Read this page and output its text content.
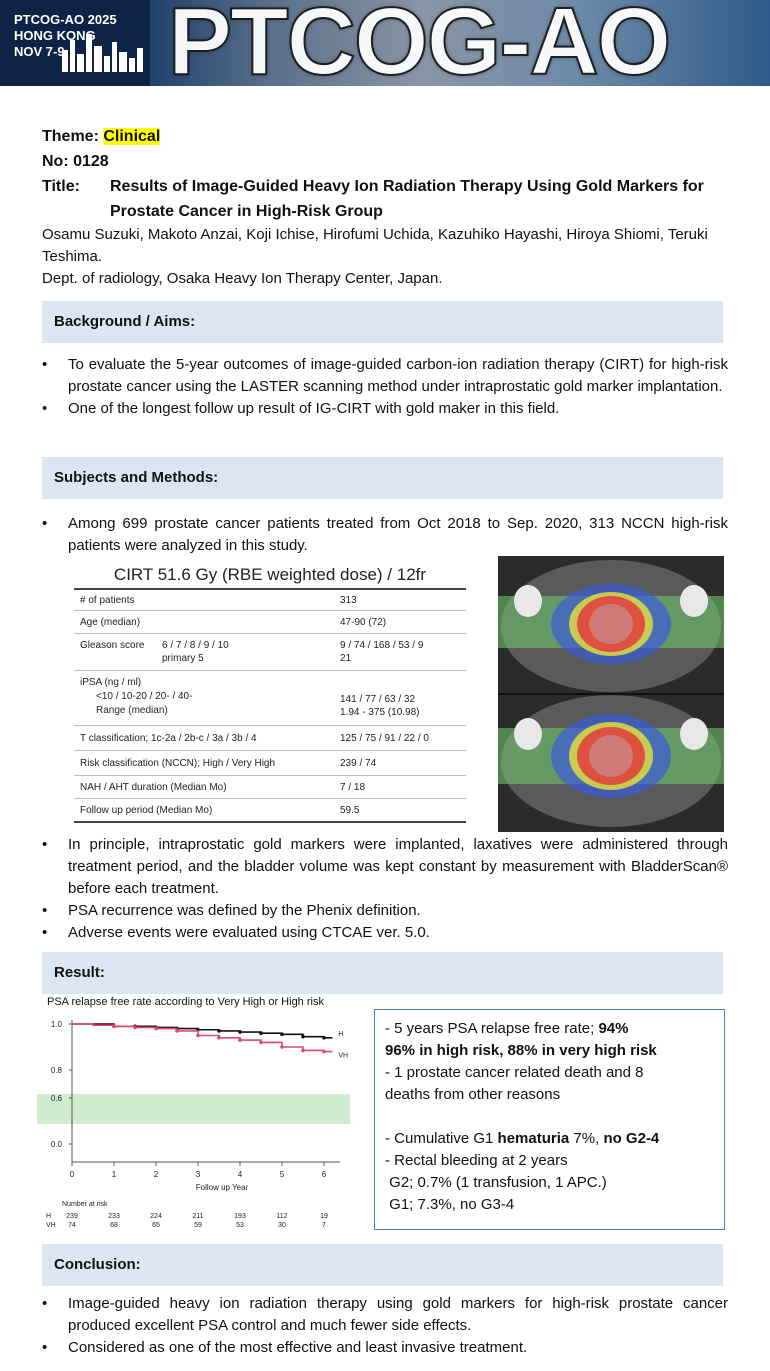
PTCOG-AO 2025
HONG KONG
NOV 7-9	PTCOG-AO
Theme: Clinical
No: 0128
Title:	Results of Image-Guided Heavy Ion Radiation Therapy Using Gold Markers for Prostate Cancer in High-Risk Group
Osamu Suzuki, Makoto Anzai, Koji Ichise, Hirofumi Uchida, Kazuhiko Hayashi, Hiroya Shiomi, Teruki Teshima.
Dept. of radiology, Osaka Heavy Ion Therapy Center, Japan.
Background / Aims:
• To evaluate the 5-year outcomes of image-guided carbon-ion radiation therapy (CIRT) for high-risk prostate cancer using the LASTER scanning method under intraprostatic gold marker implantation.
• One of the longest follow up result of IG-CIRT with gold maker in this field.
Subjects and Methods:
• Among 699 prostate cancer patients treated from Oct 2018 to Sep. 2020, 313 NCCN high-risk patients were analyzed in this study.
CIRT 51.6 Gy (RBE weighted dose) / 12fr
# of patients	313
Age (median)	47-90 (72)
Gleason score 6 / 7 / 8 / 9 / 10	9 / 74 / 168 / 53 / 9
primary 5	21
iPSA (ng / ml)
<10 / 10-20 / 20- / 40-	141 / 77 / 63 / 32
Range (median)	1.94 - 375 (10.98)
T classification; 1c-2a / 2b-c / 3a / 3b / 4	125 / 75 / 91 / 22 / 0
Risk classification (NCCN); High / Very High	239 / 74
NAH / AHT duration (Median Mo)	7 / 18
Follow up period (Median Mo)	59.5
• In principle, intraprostatic gold markers were implanted, laxatives were administered through treatment period, and the bladder volume was kept constant by measurement with BladderScan® before each treatment.
• PSA recurrence was defined by the Phenix definition.
• Adverse events were evaluated using CTCAE ver. 5.0.
Result:
PSA relapse free rate according to Very High or High risk
1.0
0.8
0.6
0.0
0	1	2	3	4	5	6
Follow up Year
H
VH
Number at risk
H 239	233	224	211	193	112	19
VH 74	68	65	59	53	30	7
- 5 years PSA relapse free rate; 94%
96% in high risk, 88% in very high risk
- 1 prostate cancer related death and 8
deaths from other reasons
- Cumulative G1 hematuria 7%, no G2-4
- Rectal bleeding at 2 years
G2; 0.7% (1 transfusion, 1 APC.)
G1; 7.3%, no G3-4
Conclusion:
• Image-guided heavy ion radiation therapy using gold markers for high-risk prostate cancer produced excellent PSA control and much fewer side effects.
• Considered as one of the most effective and least invasive treatment.
